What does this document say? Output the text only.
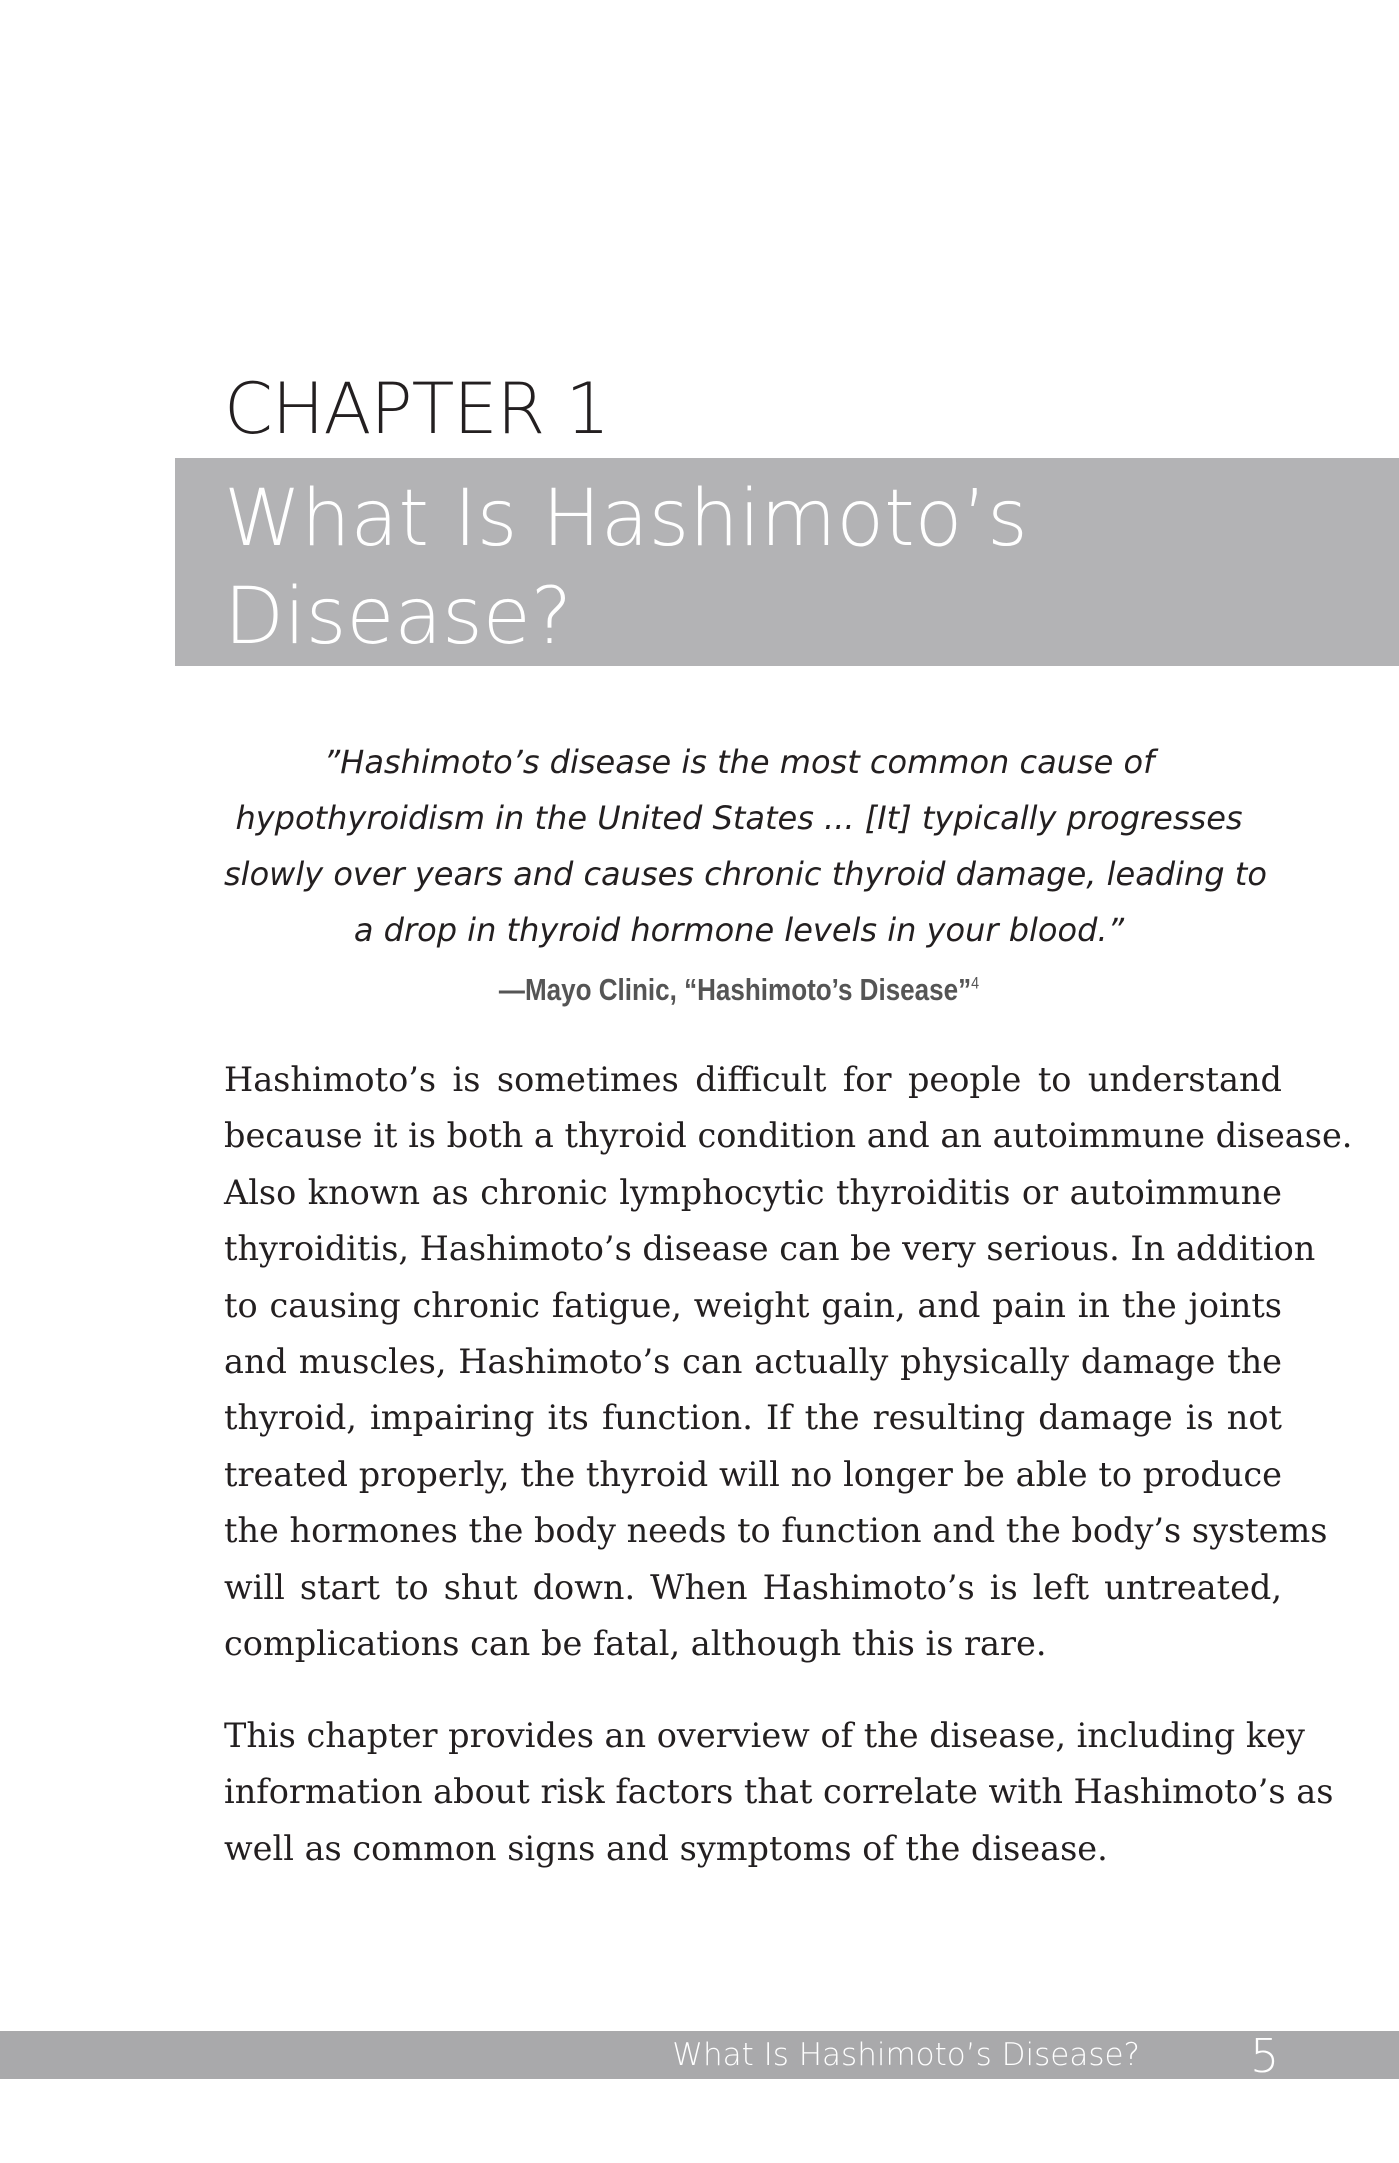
CHAPTER 1
What Is Hashimoto’s Disease?
”Hashimoto’s disease is the most common cause of
hypothyroidism in the United States ... [It] typically progresses
slowly over years and causes chronic thyroid damage, leading to
a drop in thyroid hormone levels in your blood.”
—Mayo Clinic, “Hashimoto’s Disease”$^4$
Hashimoto’s is sometimes difficult for people to understand
because it is both a thyroid condition and an autoimmune disease.
Also known as chronic lymphocytic thyroiditis or autoimmune
thyroiditis, Hashimoto’s disease can be very serious. In addition
to causing chronic fatigue, weight gain, and pain in the joints
and muscles, Hashimoto’s can actually physically damage the
thyroid, impairing its function. If the resulting damage is not
treated properly, the thyroid will no longer be able to produce
the hormones the body needs to function and the body’s systems
will start to shut down. When Hashimoto’s is left untreated,
complications can be fatal, although this is rare.
This chapter provides an overview of the disease, including key
information about risk factors that correlate with Hashimoto’s as
well as common signs and symptoms of the disease.
What Is Hashimoto’s Disease? 5
